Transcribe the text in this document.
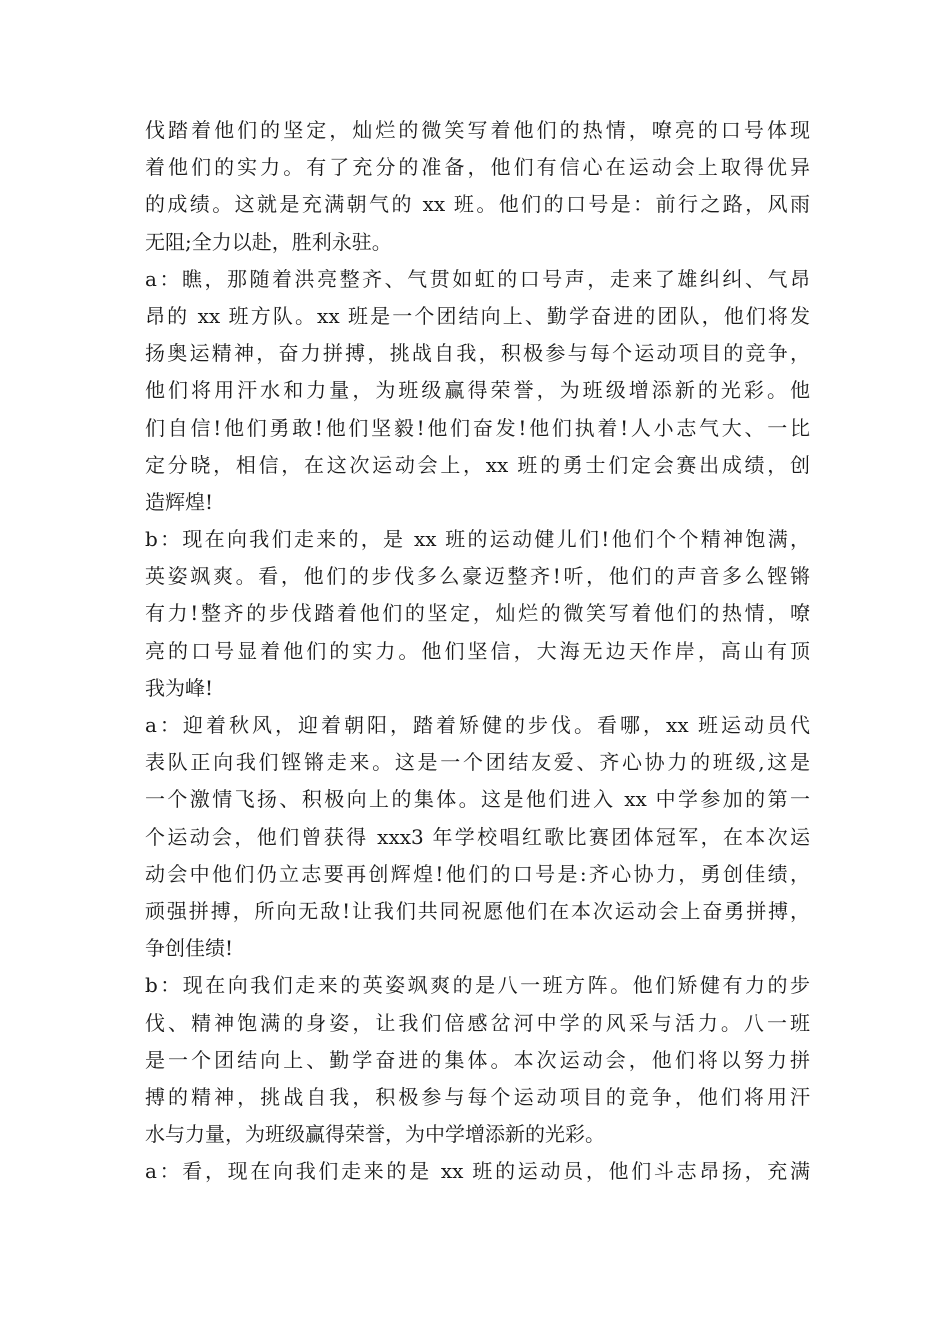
伐踏着他们的坚定，灿烂的微笑写着他们的热情，嘹亮的口号体现
着他们的实力。有了充分的准备，他们有信心在运动会上取得优异
的成绩。这就是充满朝气的 xx 班。他们的口号是：前行之路，风雨
无阻;全力以赴，胜利永驻。
a：瞧，那随着洪亮整齐、气贯如虹的口号声，走来了雄纠纠、气昂
昂的 xx 班方队。xx 班是一个团结向上、勤学奋进的团队，他们将发
扬奥运精神，奋力拼搏，挑战自我，积极参与每个运动项目的竞争，
他们将用汗水和力量，为班级赢得荣誉，为班级增添新的光彩。他
们自信!他们勇敢!他们坚毅!他们奋发!他们执着!人小志气大、一比
定分晓，相信，在这次运动会上，xx 班的勇士们定会赛出成绩，创
造辉煌!
b：现在向我们走来的，是 xx 班的运动健儿们!他们个个精神饱满，
英姿飒爽。看，他们的步伐多么豪迈整齐!听，他们的声音多么铿锵
有力!整齐的步伐踏着他们的坚定，灿烂的微笑写着他们的热情，嘹
亮的口号显着他们的实力。他们坚信，大海无边天作岸，高山有顶
我为峰!
a：迎着秋风，迎着朝阳，踏着矫健的步伐。看哪，xx 班运动员代
表队正向我们铿锵走来。这是一个团结友爱、齐心协力的班级,这是
一个激情飞扬、积极向上的集体。这是他们进入 xx 中学参加的第一
个运动会，他们曾获得 xxx3 年学校唱红歌比赛团体冠军，在本次运
动会中他们仍立志要再创辉煌!他们的口号是:齐心协力，勇创佳绩，
顽强拼搏，所向无敌!让我们共同祝愿他们在本次运动会上奋勇拼搏，
争创佳绩!
b：现在向我们走来的英姿飒爽的是八一班方阵。他们矫健有力的步
伐、精神饱满的身姿，让我们倍感岔河中学的风采与活力。八一班
是一个团结向上、勤学奋进的集体。本次运动会，他们将以努力拼
搏的精神，挑战自我，积极参与每个运动项目的竞争，他们将用汗
水与力量，为班级赢得荣誉，为中学增添新的光彩。
a：看，现在向我们走来的是 xx 班的运动员，他们斗志昂扬，充满
